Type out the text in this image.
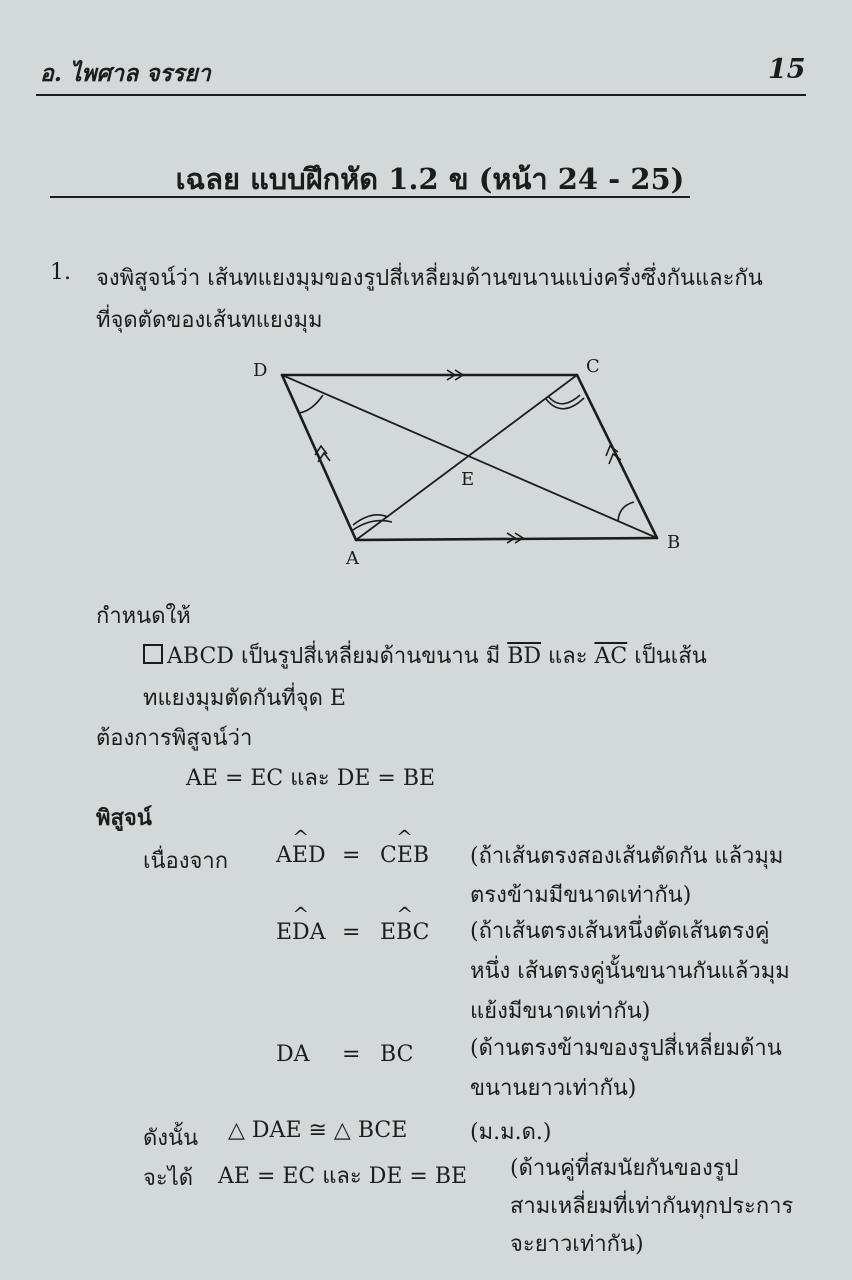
อ. ไพศาล จรรยา	15
เฉลย แบบฝึกหัด 1.2 ข (หน้า 24 - 25)
1. จงพิสูจน์ว่า เส้นทแยงมุมของรูปสี่เหลี่ยมด้านขนานแบ่งครึ่งซึ่งกันและกัน
ที่จุดตัดของเส้นทแยงมุม
D	C
A
B
E
กำหนดให้
ABCD เป็นรูปสี่เหลี่ยมด้านขนาน มี $\overline{BD}$ และ $\overline{AC}$ เป็นเส้น
ทแยงมุมตัดกันที่จุด E
ต้องการพิสูจน์ว่า
AE = EC และ DE = BE
พิสูจน์
เนื่องจาก ^ AED = ^ CEB (ถ้าเส้นตรงสองเส้นตัดกัน แล้วมุม
ตรงข้ามมีขนาดเท่ากัน)
^ EDA = ^ EBC (ถ้าเส้นตรงเส้นหนึ่งตัดเส้นตรงคู่
หนึ่ง เส้นตรงคู่นั้นขนานกันแล้วมุม
แย้งมีขนาดเท่ากัน)
DA = BC	(ด้านตรงข้ามของรูปสี่เหลี่ยมด้าน
ขนานยาวเท่ากัน)
ดังนั้น △ DAE ≅ △ BCE	(ม.ม.ด.)
จะได้ AE = EC และ DE = BE (ด้านคู่ที่สมนัยกันของรูป
สามเหลี่ยมที่เท่ากันทุกประการ
จะยาวเท่ากัน)
